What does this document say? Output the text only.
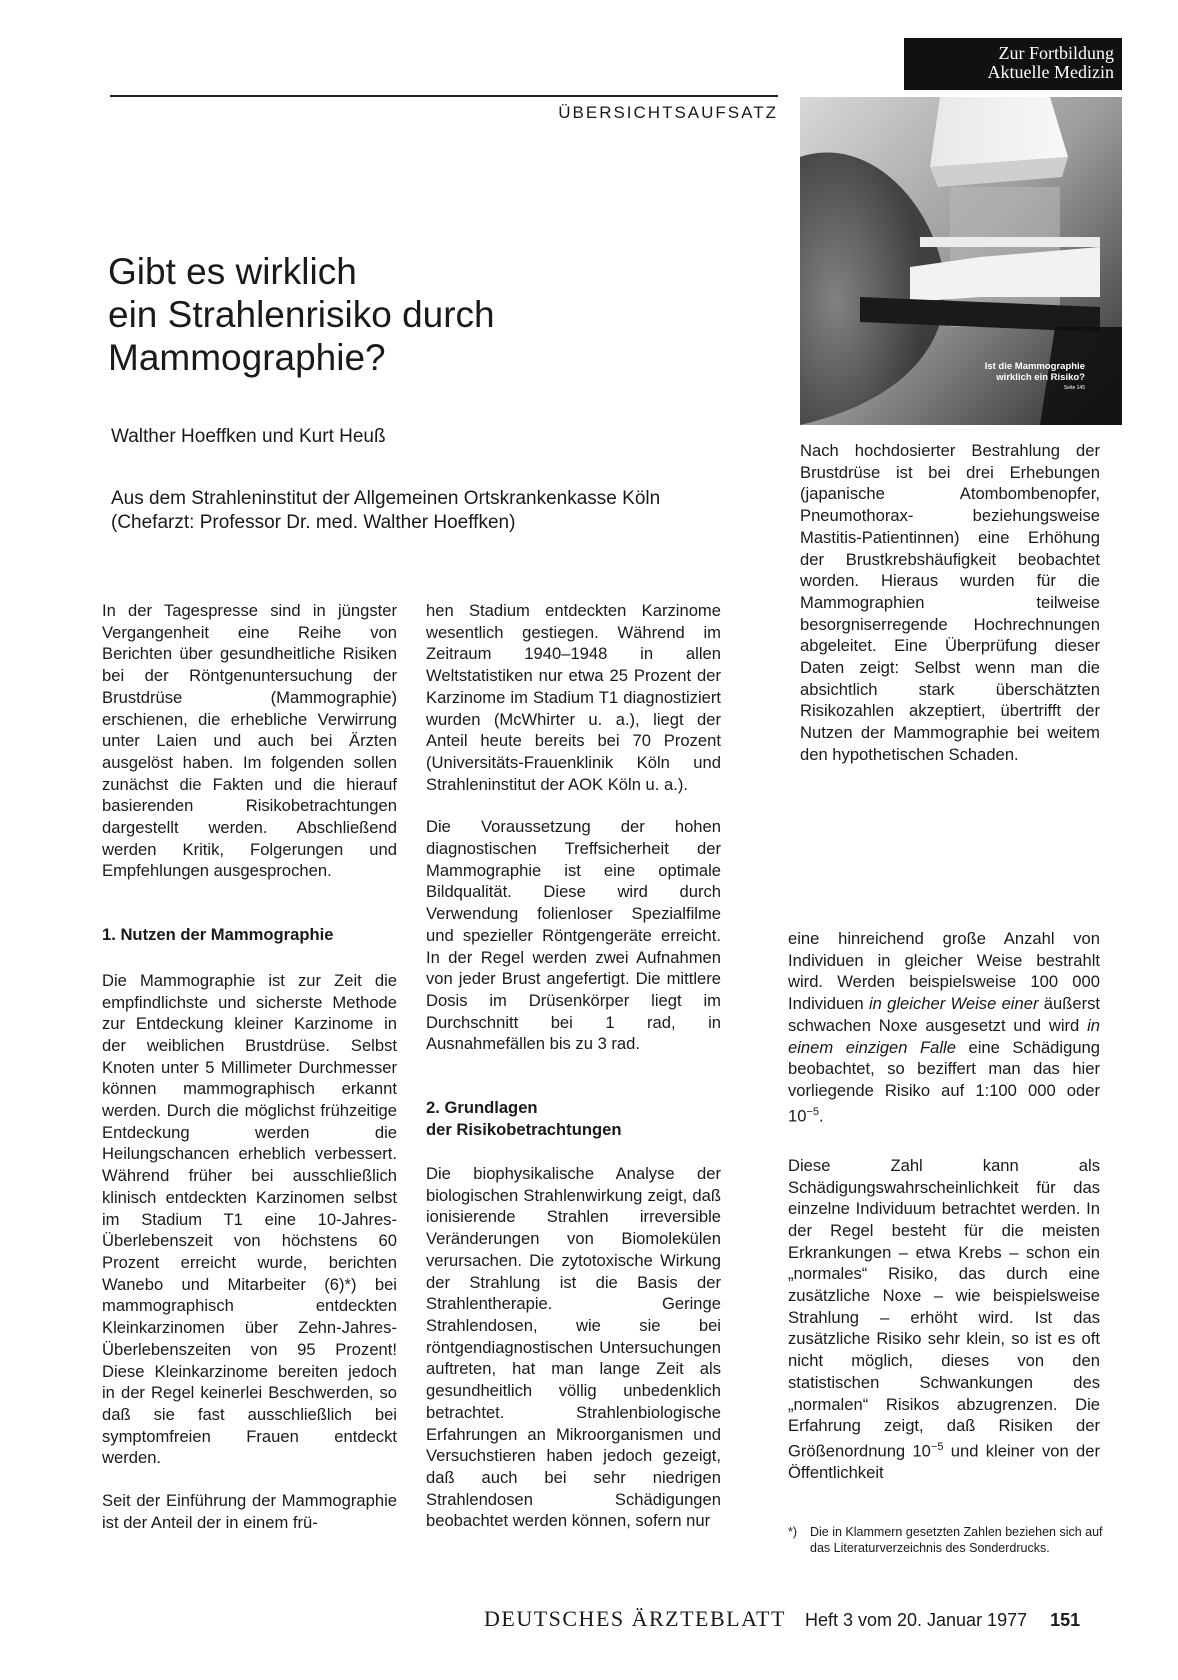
Zur Fortbildung
Aktuelle Medizin
ÜBERSICHTSAUFSATZ
Gibt es wirklich
ein Strahlenrisiko durch
Mammographie?
Walther Hoeffken und Kurt Heuß
Aus dem Strahleninstitut der Allgemeinen Ortskrankenkasse Köln
(Chefarzt: Professor Dr. med. Walther Hoeffken)
Ist die Mammographie
wirklich ein Risiko?
Seite 145

In der Tagespresse sind in jüngster Vergangenheit eine Reihe von Berichten über gesundheitliche Risiken bei der Röntgenuntersuchung der Brustdrüse (Mammographie) erschienen, die erhebliche Verwirrung unter Laien und auch bei Ärzten ausgelöst haben. Im folgenden sollen zunächst die Fakten und die hierauf basierenden Risikobetrachtungen dargestellt werden. Abschließend werden Kritik, Folgerungen und Empfehlungen ausgesprochen.

1. Nutzen der Mammographie

Die Mammographie ist zur Zeit die empfindlichste und sicherste Methode zur Entdeckung kleiner Karzinome in der weiblichen Brustdrüse. Selbst Knoten unter 5 Millimeter Durchmesser können mammographisch erkannt werden. Durch die möglichst frühzeitige Entdeckung werden die Heilungschancen erheblich verbessert. Während früher bei ausschließlich klinisch entdeckten Karzinomen selbst im Stadium T1 eine 10-Jahres-Überlebenszeit von höchstens 60 Prozent erreicht wurde, berichten Wanebo und Mitarbeiter (6)*) bei mammographisch entdeckten Kleinkarzinomen über Zehn-Jahres-Überlebenszeiten von 95 Prozent! Diese Kleinkarzinome bereiten jedoch in der Regel keinerlei Beschwerden, so daß sie fast ausschließlich bei symptomfreien Frauen entdeckt werden.

Seit der Einführung der Mammographie ist der Anteil der in einem frü-

hen Stadium entdeckten Karzinome wesentlich gestiegen. Während im Zeitraum 1940–1948 in allen Weltstatistiken nur etwa 25 Prozent der Karzinome im Stadium T1 diagnostiziert wurden (McWhirter u. a.), liegt der Anteil heute bereits bei 70 Prozent (Universitäts-Frauenklinik Köln und Strahleninstitut der AOK Köln u. a.).

Die Voraussetzung der hohen diagnostischen Treffsicherheit der Mammographie ist eine optimale Bildqualität. Diese wird durch Verwendung folienloser Spezialfilme und spezieller Röntgengeräte erreicht. In der Regel werden zwei Aufnahmen von jeder Brust angefertigt. Die mittlere Dosis im Drüsenkörper liegt im Durchschnitt bei 1 rad, in Ausnahmefällen bis zu 3 rad.

2. Grundlagen
der Risikobetrachtungen

Die biophysikalische Analyse der biologischen Strahlenwirkung zeigt, daß ionisierende Strahlen irreversible Veränderungen von Biomolekülen verursachen. Die zytotoxische Wirkung der Strahlung ist die Basis der Strahlentherapie. Geringe Strahlendosen, wie sie bei röntgendiagnostischen Untersuchungen auftreten, hat man lange Zeit als gesundheitlich völlig unbedenklich betrachtet. Strahlenbiologische Erfahrungen an Mikroorganismen und Versuchstieren haben jedoch gezeigt, daß auch bei sehr niedrigen Strahlendosen Schädigungen beobachtet werden können, sofern nur

Nach hochdosierter Bestrahlung der Brustdrüse ist bei drei Erhebungen (japanische Atombombenopfer, Pneumothorax- beziehungsweise Mastitis-Patientinnen) eine Erhöhung der Brustkrebshäufigkeit beobachtet worden. Hieraus wurden für die Mammographien teilweise besorgniserregende Hochrechnungen abgeleitet. Eine Überprüfung dieser Daten zeigt: Selbst wenn man die absichtlich stark überschätzten Risikozahlen akzeptiert, übertrifft der Nutzen der Mammographie bei weitem den hypothetischen Schaden.

eine hinreichend große Anzahl von Individuen in gleicher Weise bestrahlt wird. Werden beispielsweise 100 000 Individuen in gleicher Weise einer äußerst schwachen Noxe ausgesetzt und wird in einem einzigen Falle eine Schädigung beobachtet, so beziffert man das hier vorliegende Risiko auf 1:100 000 oder $10^{-5}$.

Diese Zahl kann als Schädigungswahrscheinlichkeit für das einzelne Individuum betrachtet werden. In der Regel besteht für die meisten Erkrankungen – etwa Krebs – schon ein „normales“ Risiko, das durch eine zusätzliche Noxe – wie beispielsweise Strahlung – erhöht wird. Ist das zusätzliche Risiko sehr klein, so ist es oft nicht möglich, dieses von den statistischen Schwankungen des „normalen“ Risikos abzugrenzen. Die Erfahrung zeigt, daß Risiken der Größenordnung $10^{-5}$ und kleiner von der Öffentlichkeit

*)	Die in Klammern gesetzten Zahlen beziehen sich auf das Literaturverzeichnis des Sonderdrucks.
DEUTSCHES ÄRZTEBLATT Heft 3 vom 20. Januar 1977 151
